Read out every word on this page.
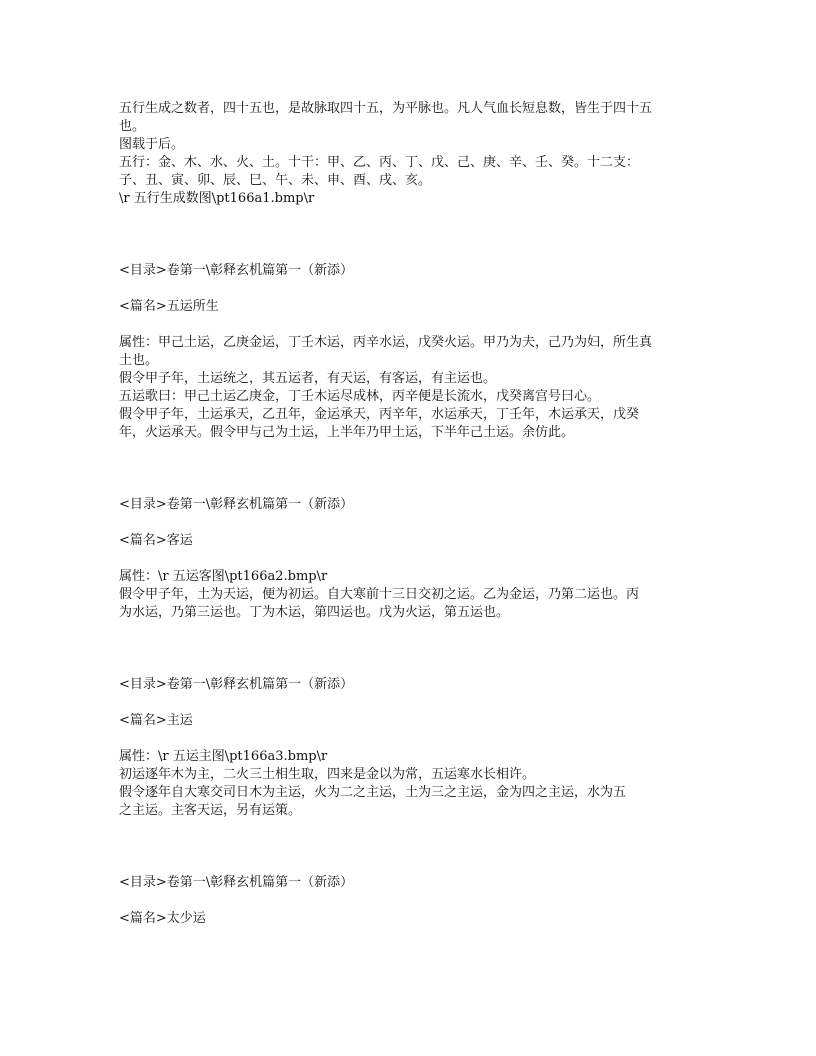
五行生成之数者，四十五也，是故脉取四十五，为平脉也。凡人气血长短息数，皆生于四十五
也。
图载于后。
五行：金、木、水、火、土。十干：甲、乙、丙、丁、戊、己、庚、辛、壬、癸。十二支：
子、丑、寅、卯、辰、巳、午、未、申、酉、戌、亥。
\r 五行生成数图\pt166a1.bmp\r
<目录>卷第一\彰释玄机篇第一（新添）
<篇名>五运所生
属性：甲己土运，乙庚金运，丁壬木运，丙辛水运，戊癸火运。甲乃为夫，己乃为妇，所生真
土也。
假令甲子年，土运统之，其五运者，有天运，有客运，有主运也。
五运歌曰：甲己土运乙庚金，丁壬木运尽成林，丙辛便是长流水，戊癸离宫号曰心。
假令甲子年，土运承天，乙丑年，金运承天，丙辛年，水运承天，丁壬年，木运承天，戊癸
年，火运承天。假令甲与己为土运，上半年乃甲土运，下半年己土运。余仿此。
<目录>卷第一\彰释玄机篇第一（新添）
<篇名>客运
属性：\r 五运客图\pt166a2.bmp\r
假令甲子年，土为天运，便为初运。自大寒前十三日交初之运。乙为金运，乃第二运也。丙
为水运，乃第三运也。丁为木运，第四运也。戊为火运，第五运也。
<目录>卷第一\彰释玄机篇第一（新添）
<篇名>主运
属性：\r 五运主图\pt166a3.bmp\r
初运逐年木为主，二火三土相生取，四来是金以为常，五运寒水长相许。
假令逐年自大寒交司日木为主运，火为二之主运，土为三之主运，金为四之主运，水为五
之主运。主客天运，另有运策。
<目录>卷第一\彰释玄机篇第一（新添）
<篇名>太少运
